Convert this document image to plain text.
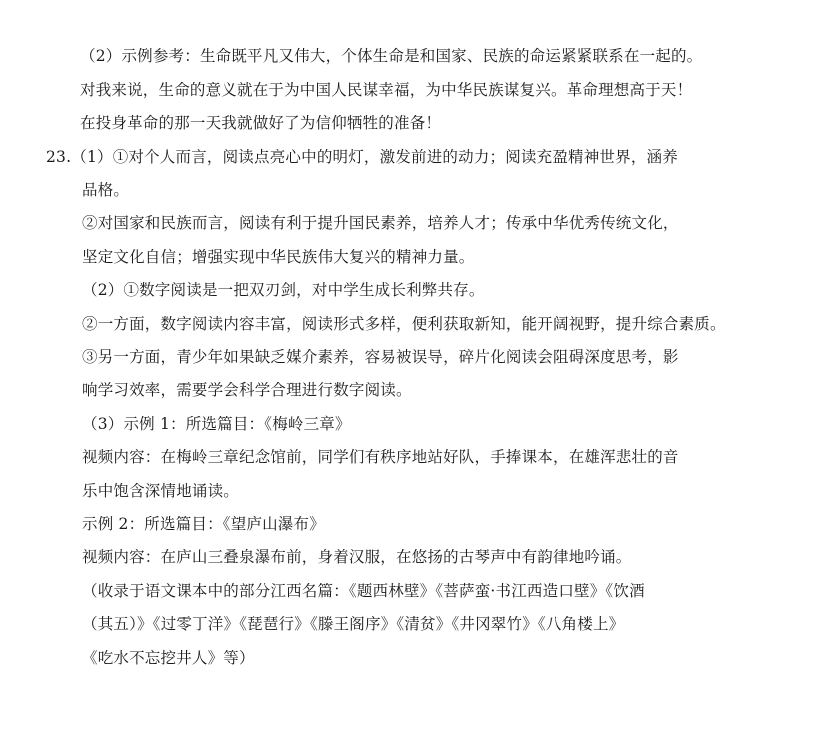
（2）示例参考：生命既平凡又伟大，个体生命是和国家、民族的命运紧紧联系在一起的。
对我来说，生命的意义就在于为中国人民谋幸福，为中华民族谋复兴。革命理想高于天！
在投身革命的那一天我就做好了为信仰牺牲的准备！
23.（1）①对个人而言，阅读点亮心中的明灯，激发前进的动力；阅读充盈精神世界，涵养
品格。
②对国家和民族而言，阅读有利于提升国民素养，培养人才；传承中华优秀传统文化，
坚定文化自信；增强实现中华民族伟大复兴的精神力量。
（2）①数字阅读是一把双刃剑，对中学生成长利弊共存。
②一方面，数字阅读内容丰富，阅读形式多样，便利获取新知，能开阔视野，提升综合素质。
③另一方面，青少年如果缺乏媒介素养，容易被误导，碎片化阅读会阻碍深度思考，影
响学习效率，需要学会科学合理进行数字阅读。
（3）示例 1：所选篇目：《梅岭三章》
视频内容：在梅岭三章纪念馆前，同学们有秩序地站好队，手捧课本，在雄浑悲壮的音
乐中饱含深情地诵读。
示例 2：所选篇目：《望庐山瀑布》
视频内容：在庐山三叠泉瀑布前，身着汉服，在悠扬的古琴声中有韵律地吟诵。
（收录于语文课本中的部分江西名篇：《题西林壁》《菩萨蛮·书江西造口壁》《饮酒
（其五）》《过零丁洋》《琵琶行》《滕王阁序》《清贫》《井冈翠竹》《八角楼上》
《吃水不忘挖井人》等）
